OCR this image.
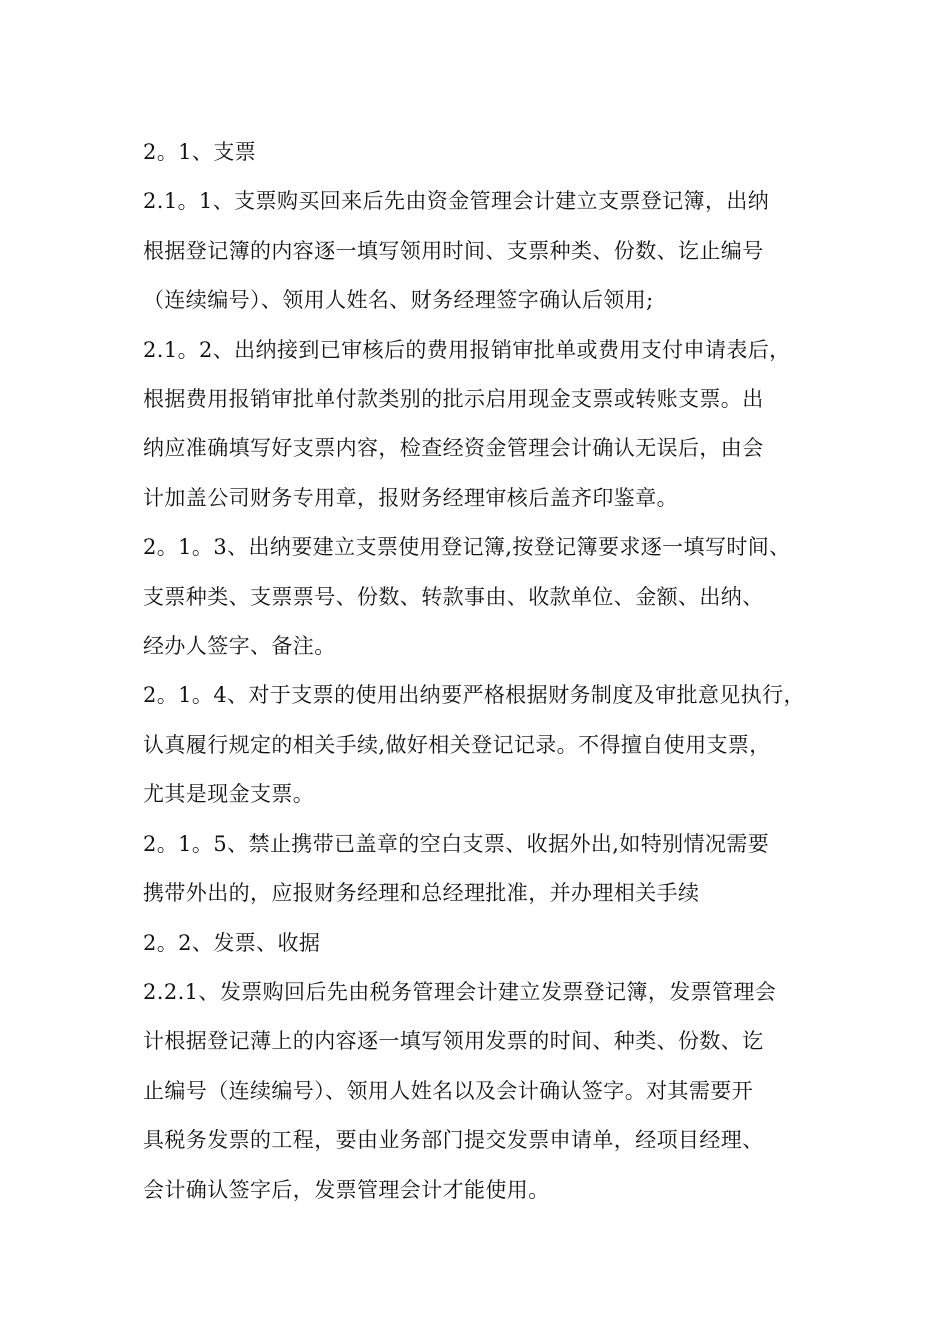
2。1、支票
2.1。1、支票购买回来后先由资金管理会计建立支票登记簿，出纳
根据登记簿的内容逐一填写领用时间、支票种类、份数、讫止编号
（连续编号）、领用人姓名、财务经理签字确认后领用;
2.1。2、出纳接到已审核后的费用报销审批单或费用支付申请表后，
根据费用报销审批单付款类别的批示启用现金支票或转账支票。出
纳应准确填写好支票内容，检查经资金管理会计确认无误后，由会
计加盖公司财务专用章，报财务经理审核后盖齐印鉴章。
2。1。3、出纳要建立支票使用登记簿,按登记簿要求逐一填写时间、
支票种类、支票票号、份数、转款事由、收款单位、金额、出纳、
经办人签字、备注。
2。1。4、对于支票的使用出纳要严格根据财务制度及审批意见执行，
认真履行规定的相关手续,做好相关登记记录。不得擅自使用支票，
尤其是现金支票。
2。1。5、禁止携带已盖章的空白支票、收据外出,如特别情况需要
携带外出的，应报财务经理和总经理批准，并办理相关手续
2。2、发票、收据
2.2.1、发票购回后先由税务管理会计建立发票登记簿，发票管理会
计根据登记薄上的内容逐一填写领用发票的时间、种类、份数、讫
止编号（连续编号）、领用人姓名以及会计确认签字。对其需要开
具税务发票的工程，要由业务部门提交发票申请单，经项目经理、
会计确认签字后，发票管理会计才能使用。
